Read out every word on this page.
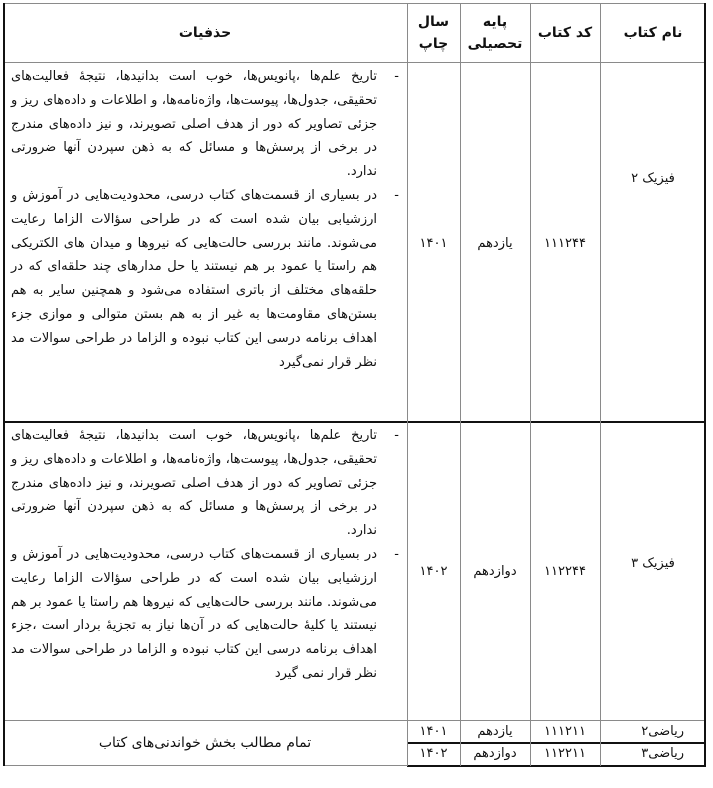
نام کتاب
کد کتاب
پایه تحصیلی
سال چاپ
حذفیات
فیزیک ۲
۱۱۱۲۴۴
یازدهم
۱۴۰۱
-
تاریخ علم‌ها ،پانویس‌ها، خوب است بدانیدها، نتیجهٔ فعالیت‌های تحقیقی، جدول‌ها، پیوست‌ها، واژه‌نامه‌ها، و اطلاعات و داده‌های ریز و جزئی تصاویر که دور از هدف اصلی تصویرند، و نیز داده‌های مندرج در برخی از پرسش‌ها و مسائل که به ذهن سپردن آنها ضرورتی ندارد.
-
در بسیاری از قسمت‌های کتاب درسی، محدودیت‌هایی در آموزش و ارزشیابی بیان شده است که در طراحی سؤالات الزاما رعایت می‌شوند. مانند بررسی حالت‌هایی که نیروها و میدان های الکتریکی هم راستا یا عمود بر هم نیستند یا حل مدارهای چند حلقه‌ای که در حلقه‌های مختلف از باتری استفاده می‌شود و همچنین سایر به هم بستن‌های مقاومت‌ها به غیر از به هم بستن متوالی و موازی جزء اهداف برنامه درسی این کتاب نبوده و الزاما در طراحی سوالات مد نظر قرار نمی‌گیرد
فیزیک ۳
۱۱۲۲۴۴
دوازدهم
۱۴۰۲
-
تاریخ علم‌ها ،پانویس‌ها، خوب است بدانیدها، نتیجهٔ فعالیت‌های تحقیقی، جدول‌ها، پیوست‌ها، واژه‌نامه‌ها، و اطلاعات و داده‌های ریز و جزئی تصاویر که دور از هدف اصلی تصویرند، و نیز داده‌های مندرج در برخی از پرسش‌ها و مسائل که به ذهن سپردن آنها ضرورتی ندارد.
-
در بسیاری از قسمت‌های کتاب درسی، محدودیت‌هایی در آموزش و ارزشیابی بیان شده است که در طراحی سؤالات الزاما رعایت می‌شوند. مانند بررسی حالت‌هایی که نیروها هم راستا یا عمود بر هم نیستند یا کلیهٔ حالت‌هایی که در آن‌ها نیاز به تجزیهٔ بردار است ،جزء اهداف برنامه درسی این کتاب نبوده و الزاما در طراحی سوالات مد نظر قرار نمی گیرد
ریاضی۲
۱۱۱۲۱۱
یازدهم
۱۴۰۱
ریاضی۳
۱۱۲۲۱۱
دوازدهم
۱۴۰۲
تمام مطالب بخش خواندنی‌های کتاب
